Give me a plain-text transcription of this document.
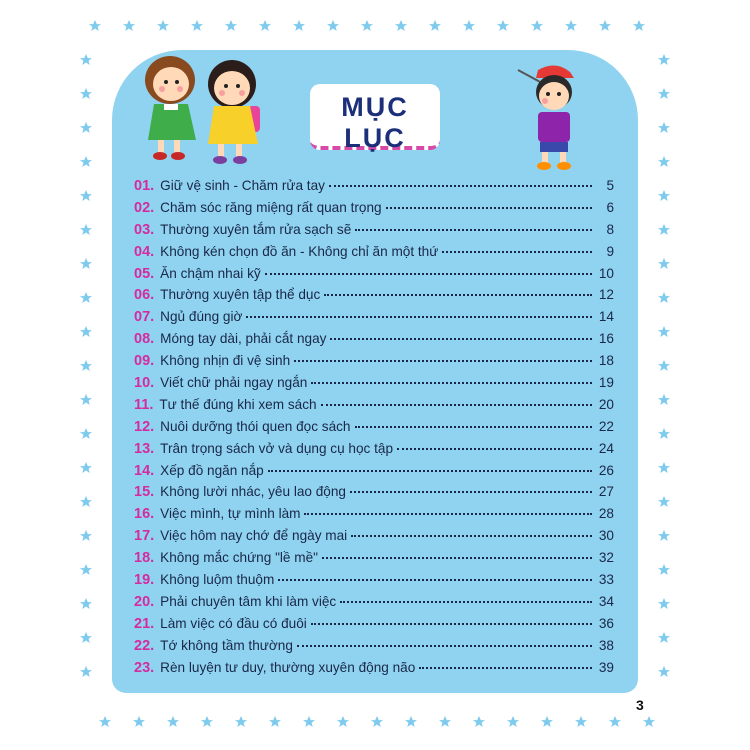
MỤC LỤC
01. Giữ vệ sinh - Chăm rửa tay	5
02. Chăm sóc răng miệng rất quan trọng	6
03. Thường xuyên tắm rửa sạch sẽ	8
04. Không kén chọn đồ ăn - Không chỉ ăn một thứ	9
05. Ăn chậm nhai kỹ	10
06. Thường xuyên tập thể dục	12
07. Ngủ đúng giờ	14
08. Móng tay dài, phải cắt ngay	16
09. Không nhịn đi vệ sinh	18
10. Viết chữ phải ngay ngắn	19
11. Tư thế đúng khi xem sách	20
12. Nuôi dưỡng thói quen đọc sách	22
13. Trân trọng sách vở và dụng cụ học tập	24
14. Xếp đồ ngăn nắp	26
15. Không lười nhác, yêu lao động	27
16. Việc mình, tự mình làm	28
17. Việc hôm nay chớ để ngày mai	30
18. Không mắc chứng "lề mề"	32
19. Không luộm thuộm	33
20. Phải chuyên tâm khi làm việc	34
21. Làm việc có đầu có đuôi	36
22. Tớ không tầm thường	38
23. Rèn luyện tư duy, thường xuyên động não	39
3
